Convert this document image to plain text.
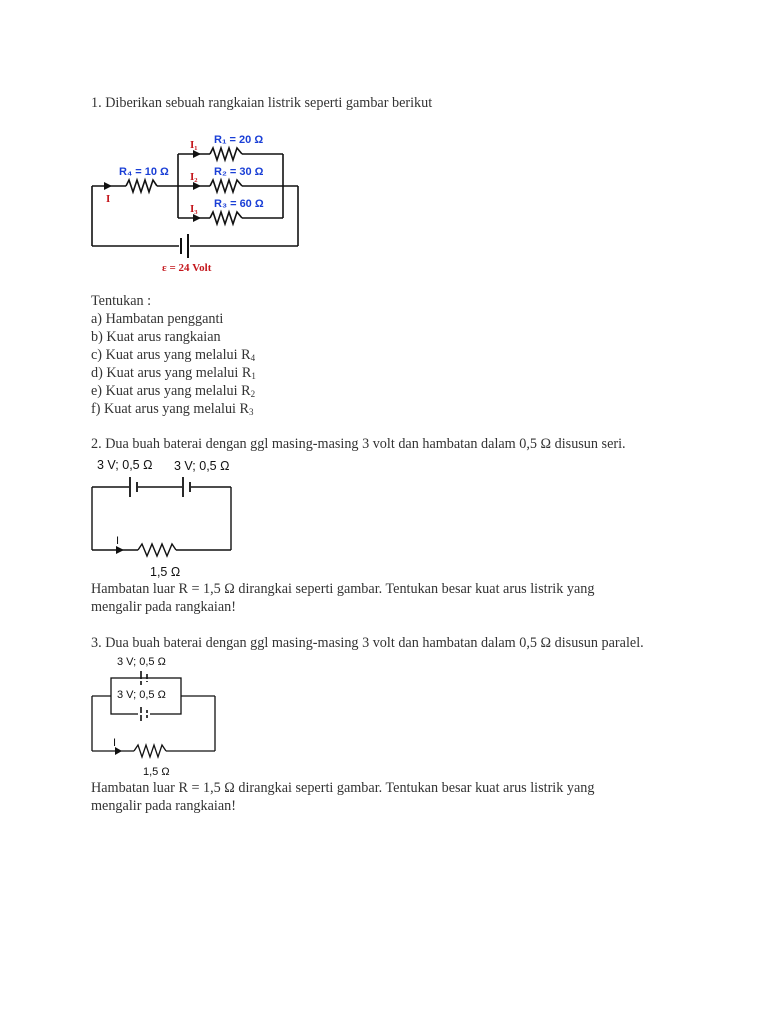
1. Diberikan sebuah rangkaian listrik seperti gambar berikut
R₁ = 20 Ω
R₂ = 30 Ω
R₃ = 60 Ω
R₄ = 10 Ω
I
I₁
I₂
I₃
ε = 24 Volt
3 V; 0,5 Ω 3 V; 0,5 Ω
I
1,5 Ω
3 V; 0,5 Ω
3 V; 0,5 Ω
I
1,5 Ω
Tentukan :
a) Hambatan pengganti
b) Kuat arus rangkaian
c) Kuat arus yang melalui $R_4$
d) Kuat arus yang melalui $R_1$
e) Kuat arus yang melalui $R_2$
f) Kuat arus yang melalui $R_3$
2. Dua buah baterai dengan ggl masing-masing 3 volt dan hambatan dalam 0,5 Ω disusun seri.
Hambatan luar R = 1,5 Ω dirangkai seperti gambar. Tentukan besar kuat arus listrik yang
mengalir pada rangkaian!
3. Dua buah baterai dengan ggl masing-masing 3 volt dan hambatan dalam 0,5 Ω disusun paralel.
Hambatan luar R = 1,5 Ω dirangkai seperti gambar. Tentukan besar kuat arus listrik yang
mengalir pada rangkaian!
